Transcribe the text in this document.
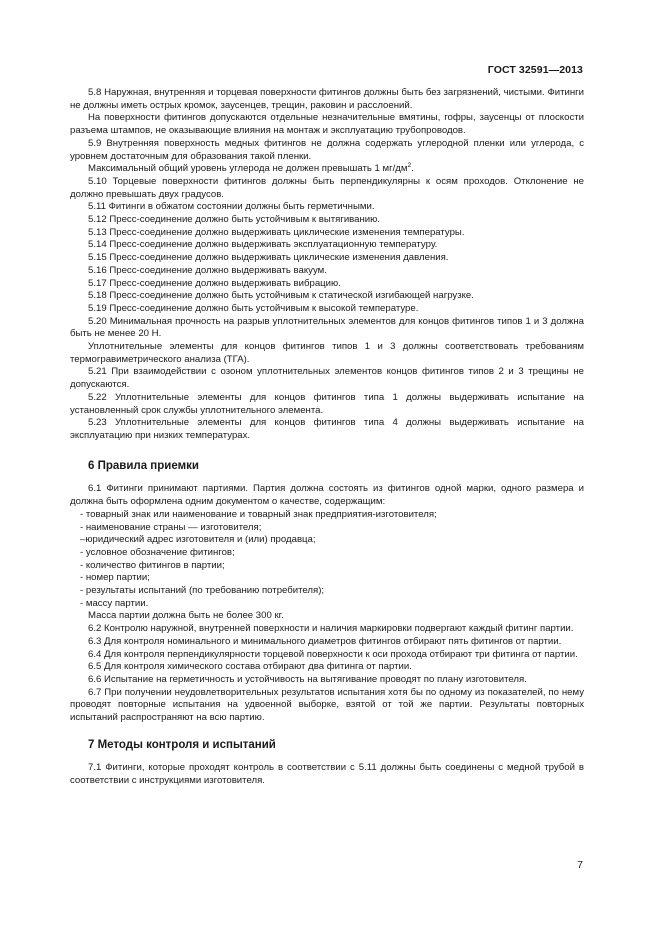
ГОСТ 32591—2013

5.8 Наружная, внутренняя и торцевая поверхности фитингов должны быть без загрязнений, чистыми. Фитинги не должны иметь острых кромок, заусенцев, трещин, раковин и расслоений.

На поверхности фитингов допускаются отдельные незначительные вмятины, гофры, заусенцы от плоскости разъема штампов, не оказывающие влияния на монтаж и эксплуатацию трубопроводов.

5.9 Внутренняя поверхность медных фитингов не должна содержать углеродной пленки или углерода, с уровнем достаточным для образования такой пленки.

Максимальный общий уровень углерода не должен превышать 1 $мг/дм^2$.

5.10 Торцевые поверхности фитингов должны быть перпендикулярны к осям проходов. Отклонение не должно превышать двух градусов.

5.11 Фитинги в обжатом состоянии должны быть герметичными.

5.12 Пресс-соединение должно быть устойчивым к вытягиванию.

5.13 Пресс-соединение должно выдерживать циклические изменения температуры.

5.14 Пресс-соединение должно выдерживать эксплуатационную температуру.

5.15 Пресс-соединение должно выдерживать циклические изменения давления.

5.16 Пресс-соединение должно выдерживать вакуум.

5.17 Пресс-соединение должно выдерживать вибрацию.

5.18 Пресс-соединение должно быть устойчивым к статической изгибающей нагрузке.

5.19 Пресс-соединение должно быть устойчивым к высокой температуре.

5.20 Минимальная прочность на разрыв уплотнительных элементов для концов фитингов типов 1 и 3 должна быть не менее 20 Н.

Уплотнительные элементы для концов фитингов типов 1 и 3 должны соответствовать требованиям термогравиметрического анализа (ТГА).

5.21 При взаимодействии с озоном уплотнительных элементов концов фитингов типов 2 и 3 трещины не допускаются.

5.22 Уплотнительные элементы для концов фитингов типа 1 должны выдерживать испытание на установленный срок службы уплотнительного элемента.

5.23 Уплотнительные элементы для концов фитингов типа 4 должны выдерживать испытание на эксплуатацию при низких температурах.

6 Правила приемки

6.1 Фитинги принимают партиями. Партия должна состоять из фитингов одной марки, одного размера и должна быть оформлена одним документом о качестве, содержащим:

- товарный знак или наименование и товарный знак предприятия-изготовителя;

- наименование страны — изготовителя;

–юридический адрес изготовителя и (или) продавца;

- условное обозначение фитингов;

- количество фитингов в партии;

- номер партии;

- результаты испытаний (по требованию потребителя);

- массу партии.

Масса партии должна быть не более 300 кг.

6.2 Контролю наружной, внутренней поверхности и наличия маркировки подвергают каждый фитинг партии.

6.3 Для контроля номинального и минимального диаметров фитингов отбирают пять фитингов от партии.

6.4 Для контроля перпендикулярности торцевой поверхности к оси прохода отбирают три фитинга от партии.

6.5 Для контроля химического состава отбирают два фитинга от партии.

6.6 Испытание на герметичность и устойчивость на вытягивание проводят по плану изготовителя.

6.7 При получении неудовлетворительных результатов испытания хотя бы по одному из показателей, по нему проводят повторные испытания на удвоенной выборке, взятой от той же партии. Результаты повторных испытаний распространяют на всю партию.

7 Методы контроля и испытаний

7.1 Фитинги, которые проходят контроль в соответствии с 5.11 должны быть соединены с медной трубой в соответствии с инструкциями изготовителя.

7
